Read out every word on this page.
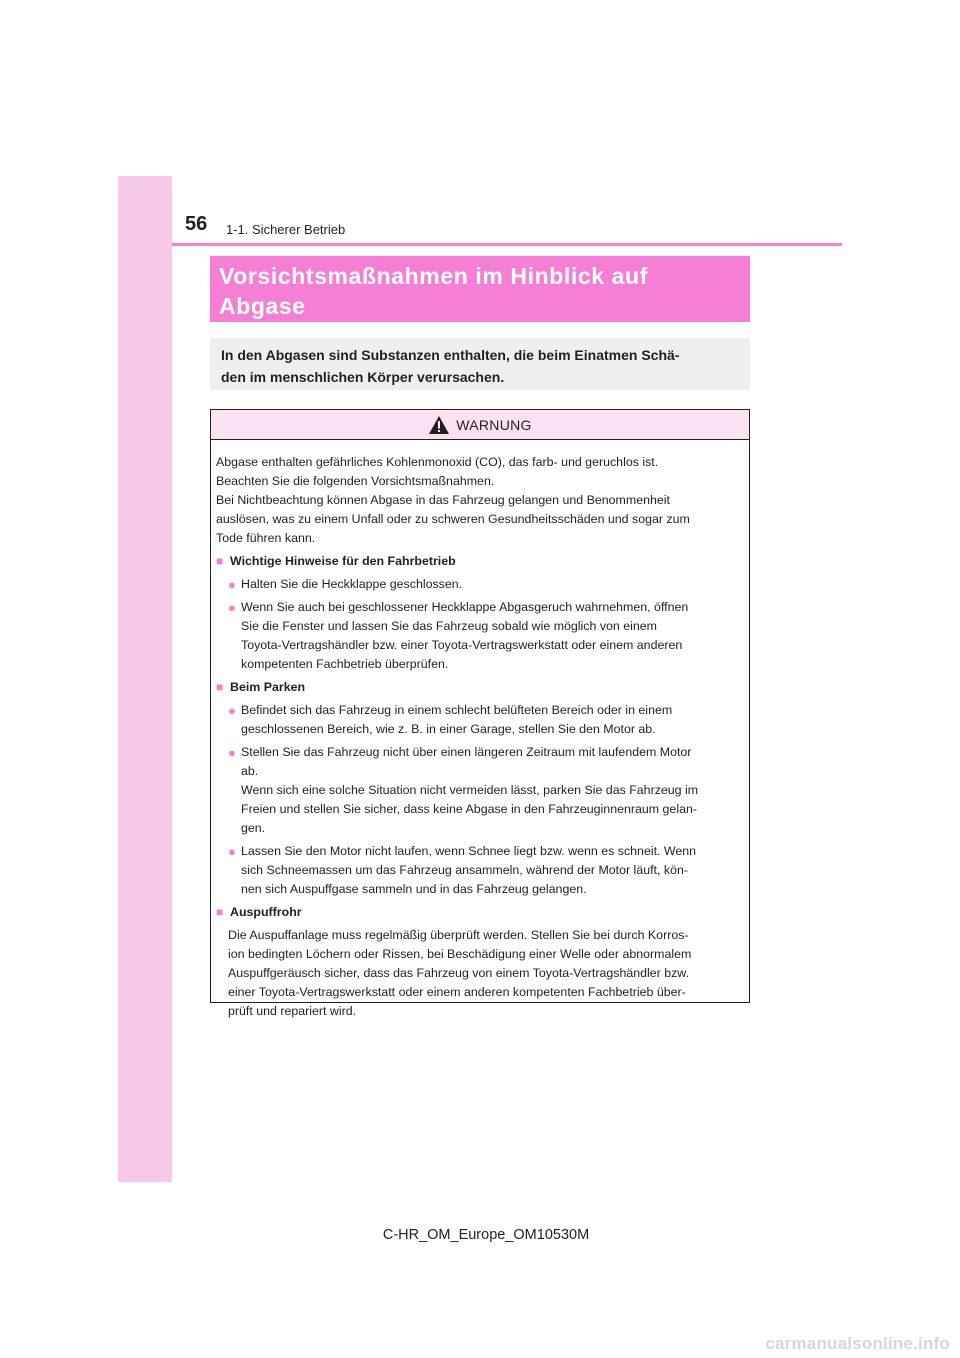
56 1-1. Sicherer Betrieb
Vorsichtsmaßnahmen im Hinblick auf
Abgase
In den Abgasen sind Substanzen enthalten, die beim Einatmen Schä-
den im menschlichen Körper verursachen.
WARNUNG
Abgase enthalten gefährliches Kohlenmonoxid (CO), das farb- und geruchlos ist.
Beachten Sie die folgenden Vorsichtsmaßnahmen.
Bei Nichtbeachtung können Abgase in das Fahrzeug gelangen und Benommenheit
auslösen, was zu einem Unfall oder zu schweren Gesundheitsschäden und sogar zum
Tode führen kann.
■ Wichtige Hinweise für den Fahrbetrieb
● Halten Sie die Heckklappe geschlossen.
● Wenn Sie auch bei geschlossener Heckklappe Abgasgeruch wahrnehmen, öffnen
Sie die Fenster und lassen Sie das Fahrzeug sobald wie möglich von einem
Toyota-Vertragshändler bzw. einer Toyota-Vertragswerkstatt oder einem anderen
kompetenten Fachbetrieb überprüfen.
■ Beim Parken
● Befindet sich das Fahrzeug in einem schlecht belüfteten Bereich oder in einem
geschlossenen Bereich, wie z. B. in einer Garage, stellen Sie den Motor ab.
● Stellen Sie das Fahrzeug nicht über einen längeren Zeitraum mit laufendem Motor
ab.
Wenn sich eine solche Situation nicht vermeiden lässt, parken Sie das Fahrzeug im
Freien und stellen Sie sicher, dass keine Abgase in den Fahrzeuginnenraum gelan-
gen.
● Lassen Sie den Motor nicht laufen, wenn Schnee liegt bzw. wenn es schneit. Wenn
sich Schneemassen um das Fahrzeug ansammeln, während der Motor läuft, kön-
nen sich Auspuffgase sammeln und in das Fahrzeug gelangen.
■ Auspuffrohr
Die Auspuffanlage muss regelmäßig überprüft werden. Stellen Sie bei durch Korros-
ion bedingten Löchern oder Rissen, bei Beschädigung einer Welle oder abnormalem
Auspuffgeräusch sicher, dass das Fahrzeug von einem Toyota-Vertragshändler bzw.
einer Toyota-Vertragswerkstatt oder einem anderen kompetenten Fachbetrieb über-
prüft und repariert wird.
C-HR_OM_Europe_OM10530M
carmanualsonline.info
